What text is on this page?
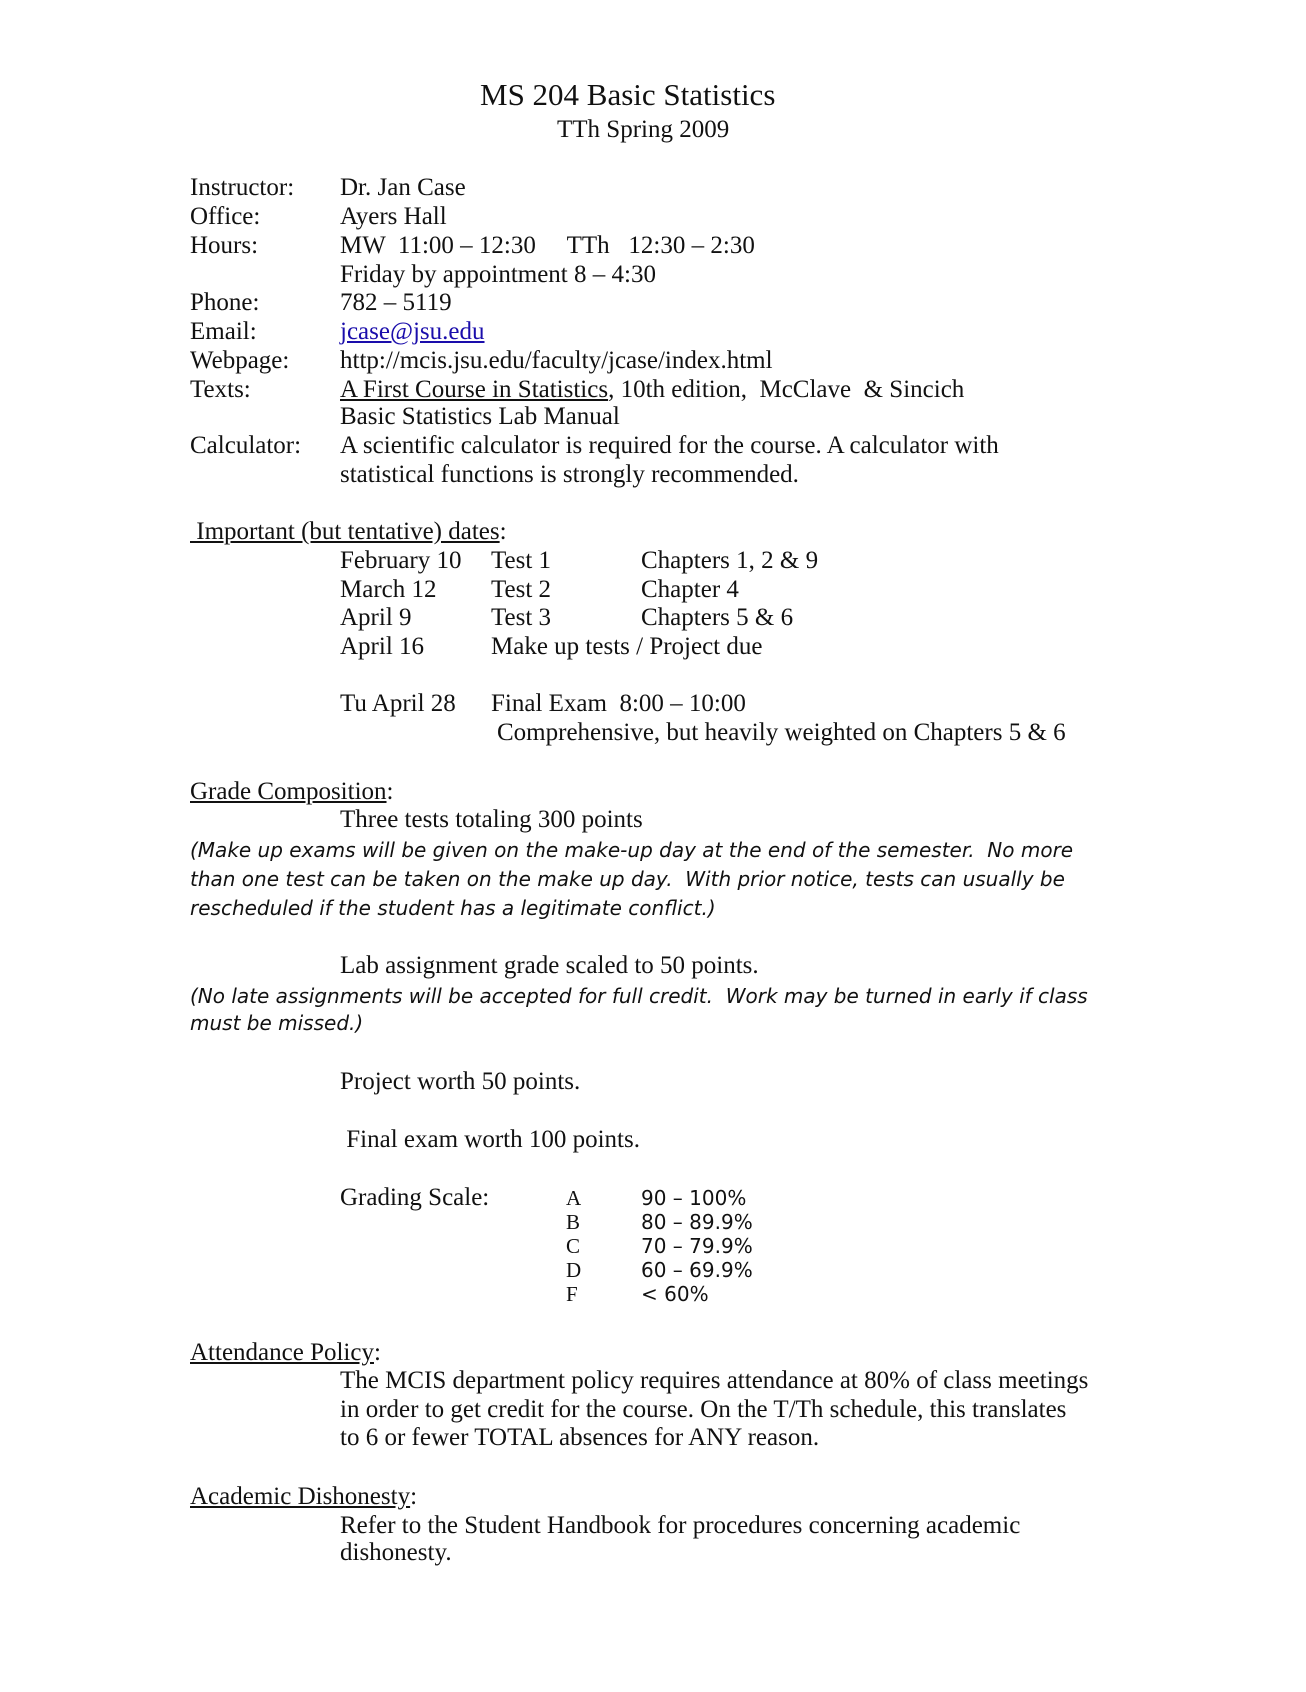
MS 204 Basic Statistics
TTh Spring 2009
Instructor: Dr. Jan Case
Office:	Ayers Hall
Hours:	MW  11:00 – 12:30     TTh   12:30 – 2:30
Friday by appointment 8 – 4:30
Phone:	782 – 5119
Email:	jcase@jsu.edu
Webpage: http://mcis.jsu.edu/faculty/jcase/index.html
Texts:	A First Course in Statistics, 10th edition,  McClave  & Sincich
Basic Statistics Lab Manual
Calculator: A scientific calculator is required for the course. A calculator with
statistical functions is strongly recommended.
Important (but tentative) dates:
February 10 Test 1	Chapters 1, 2 & 9
March 12 Test 2	Chapter 4
April 9	Test 3	Chapters 5 & 6
April 16	Make up tests / Project due
Tu April 28 Final Exam  8:00 – 10:00
Comprehensive, but heavily weighted on Chapters 5 & 6
Grade Composition:
Three tests totaling 300 points
(Make up exams will be given on the make-up day at the end of the semester.  No more
than one test can be taken on the make up day.  With prior notice, tests can usually be
rescheduled if the student has a legitimate conflict.)
Lab assignment grade scaled to 50 points.
(No late assignments will be accepted for full credit.  Work may be turned in early if class
must be missed.)
Project worth 50 points.
Final exam worth 100 points.
Grading Scale:	A	90 – 100%
B	80 – 89.9%
C	70 – 79.9%
D	60 – 69.9%
F	< 60%
Attendance Policy:
The MCIS department policy requires attendance at 80% of class meetings
in order to get credit for the course. On the T/Th schedule, this translates
to 6 or fewer TOTAL absences for ANY reason.
Academic Dishonesty:
Refer to the Student Handbook for procedures concerning academic
dishonesty.
